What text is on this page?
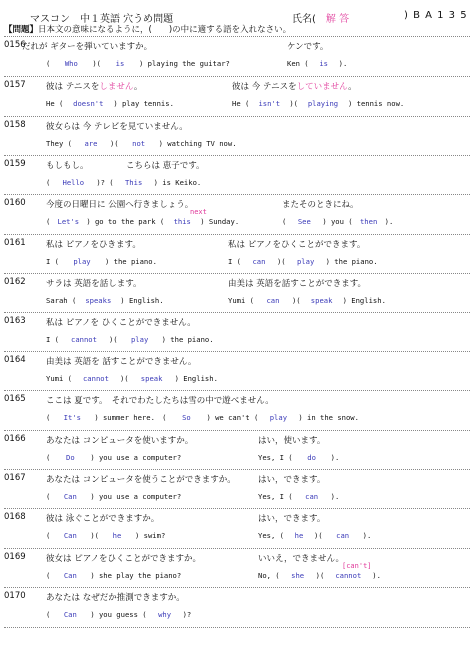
マスコン　中１英語 穴うめ問題	氏名(　 解 答	) B A 1 3 5
【問題】日本文の意味になるように，(　　)の中に適する語を入れなさい。
0156
だれが ギターを弾いていますか。	ケンです。
( Who )( is ) playing the guitar?	Ken ( is ).
0157 彼は テニスをしません。	彼は 今 テニスをしていません。
He ( doesn't ) play tennis.	He ( isn't )( playing ) tennis now.
0158 彼女らは 今 テレビを見ていません。
They ( are )( not ) watching TV now.
0159 もしもし。	こちらは 恵子です。
( Hello )? ( This ) is Keiko.
0160 今度の日曜日に 公園へ行きましょう。	またそのときにね。
next
( Let's ) go to the park ( this ) Sunday.	( See ) you ( then ).
0161 私は ピアノをひきます。	私は ピアノをひくことができます。
I ( play ) the piano.	I ( can )( play ) the piano.
0162 サラは 英語を話します。	由美は 英語を話すことができます。
Sarah ( speaks ) English.	Yumi ( can )( speak ) English.
0163 私は ピアノを ひくことができません。
I ( cannot )( play ) the piano.
0164 由美は 英語を 話すことができません。
Yumi ( cannot )( speak ) English.
0165 ここは 夏です。　それでわたしたちは雪の中で遊べません。
( It's ) summer here.　( So ) we can't ( play ) in the snow.
0166 あなたは コンピュータを使いますか。	はい，使います。
( Do ) you use a computer?	Yes, I ( do ).
0167 あなたは コンピュータを使うことができますか。	はい，できます。
( Can ) you use a computer?	Yes, I ( can ).
0168 彼は 泳ぐことができますか。	はい，できます。
( Can )( he ) swim?	Yes, ( he )( can ).
0169 彼女は ピアノをひくことができますか。	いいえ，できません。
[can't]
( Can ) she play the piano?	No, ( she )( cannot ).
0170 あなたは なぜだか推測できますか。
( Can ) you guess ( why )?
